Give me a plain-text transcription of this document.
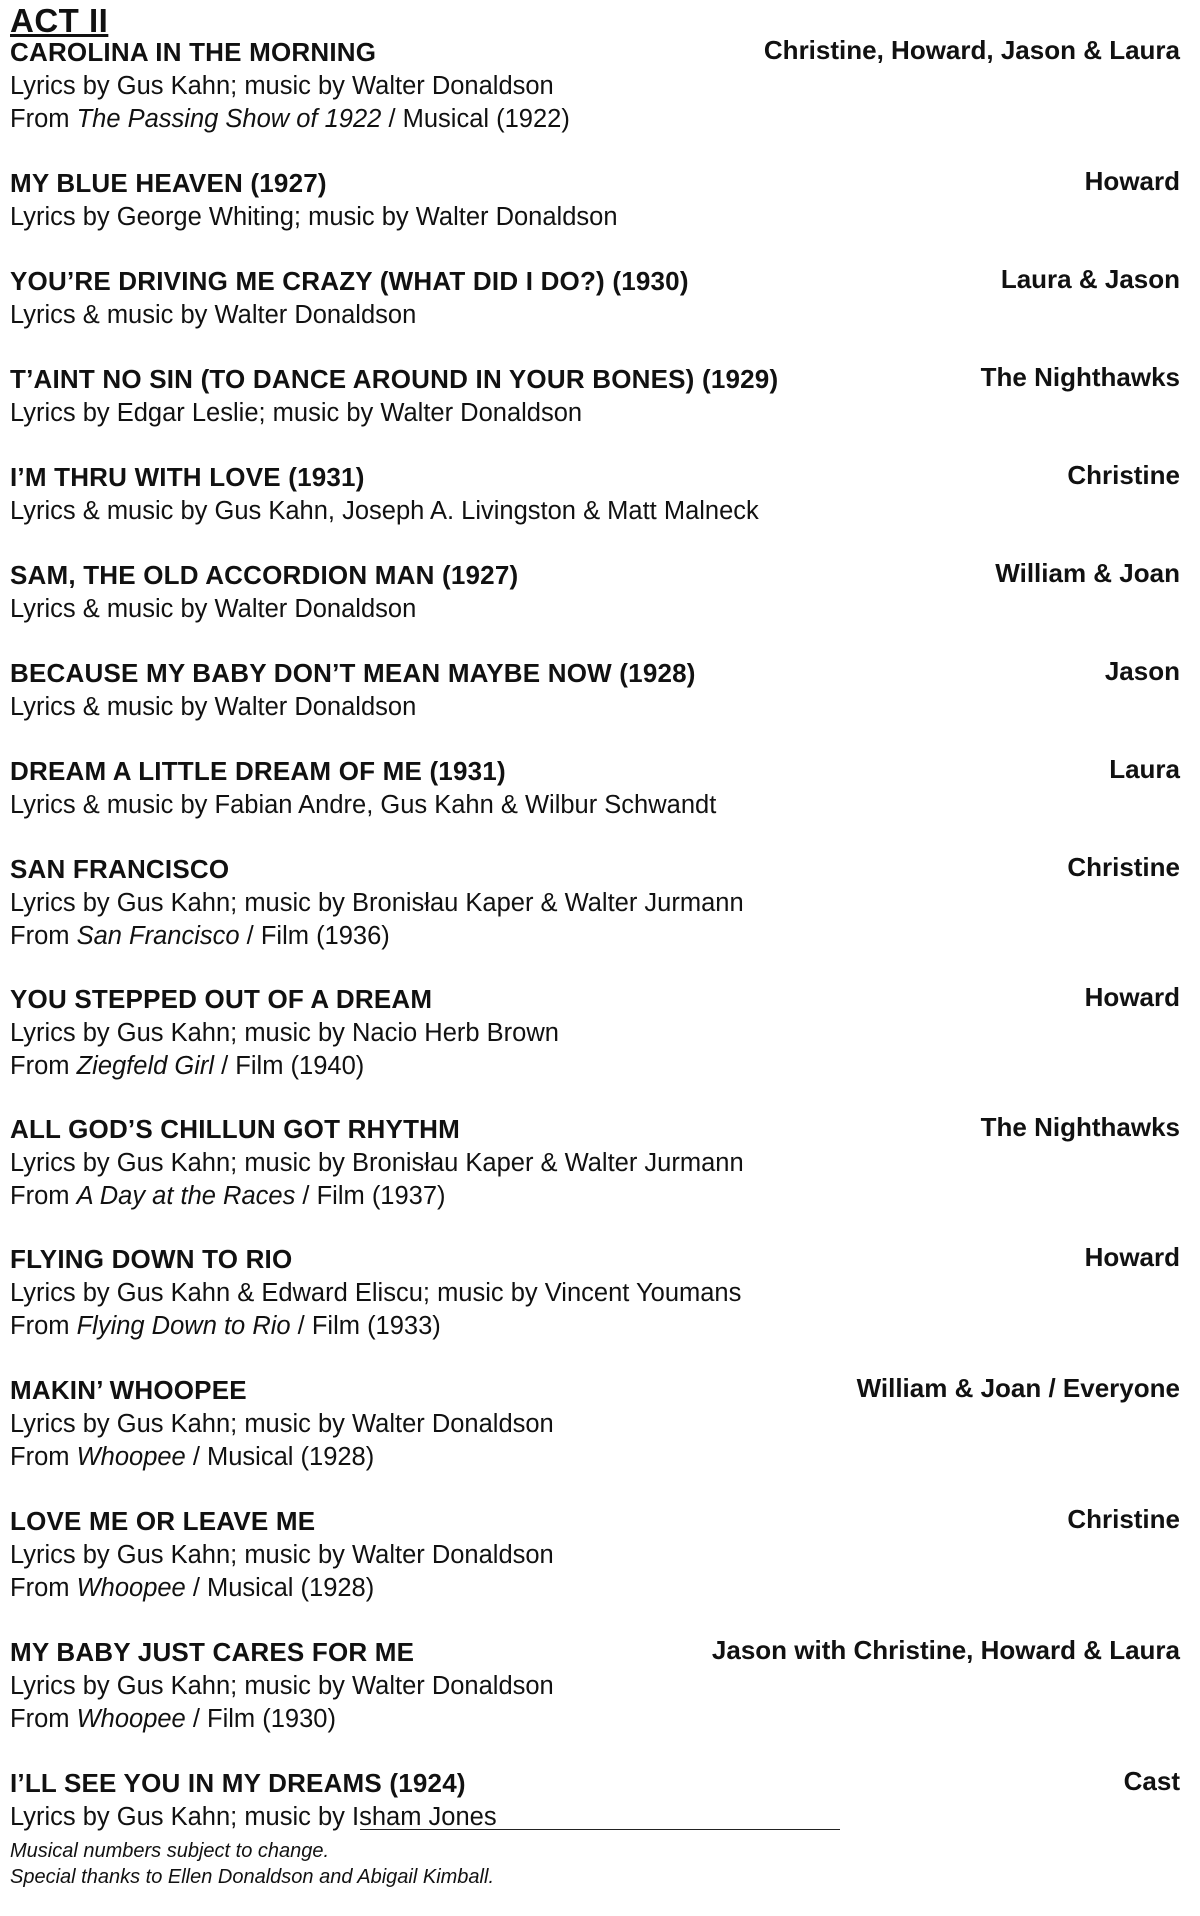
ACT II
CAROLINA IN THE MORNING	Christine, Howard, Jason & Laura
Lyrics by Gus Kahn; music by Walter Donaldson
From The Passing Show of 1922 / Musical (1922)
MY BLUE HEAVEN (1927)	Howard
Lyrics by George Whiting; music by Walter Donaldson
YOU’RE DRIVING ME CRAZY (WHAT DID I DO?) (1930)	Laura & Jason
Lyrics & music by Walter Donaldson
T’AINT NO SIN (TO DANCE AROUND IN YOUR BONES) (1929)	The Nighthawks
Lyrics by Edgar Leslie; music by Walter Donaldson
I’M THRU WITH LOVE (1931)	Christine
Lyrics & music by Gus Kahn, Joseph A. Livingston & Matt Malneck
SAM, THE OLD ACCORDION MAN (1927)	William & Joan
Lyrics & music by Walter Donaldson
BECAUSE MY BABY DON’T MEAN MAYBE NOW (1928)	Jason
Lyrics & music by Walter Donaldson
DREAM A LITTLE DREAM OF ME (1931)	Laura
Lyrics & music by Fabian Andre, Gus Kahn & Wilbur Schwandt
SAN FRANCISCO	Christine
Lyrics by Gus Kahn; music by Bronisłau Kaper & Walter Jurmann
From San Francisco / Film (1936)
YOU STEPPED OUT OF A DREAM	Howard
Lyrics by Gus Kahn; music by Nacio Herb Brown
From Ziegfeld Girl / Film (1940)
ALL GOD’S CHILLUN GOT RHYTHM	The Nighthawks
Lyrics by Gus Kahn; music by Bronisłau Kaper & Walter Jurmann
From A Day at the Races / Film (1937)
FLYING DOWN TO RIO	Howard
Lyrics by Gus Kahn & Edward Eliscu; music by Vincent Youmans
From Flying Down to Rio / Film (1933)
MAKIN’ WHOOPEE	William & Joan / Everyone
Lyrics by Gus Kahn; music by Walter Donaldson
From Whoopee / Musical (1928)
LOVE ME OR LEAVE ME	Christine
Lyrics by Gus Kahn; music by Walter Donaldson
From Whoopee / Musical (1928)
MY BABY JUST CARES FOR ME	Jason with Christine, Howard & Laura
Lyrics by Gus Kahn; music by Walter Donaldson
From Whoopee / Film (1930)
I’LL SEE YOU IN MY DREAMS (1924)	Cast
Lyrics by Gus Kahn; music by Isham Jones
Musical numbers subject to change.
Special thanks to Ellen Donaldson and Abigail Kimball.
